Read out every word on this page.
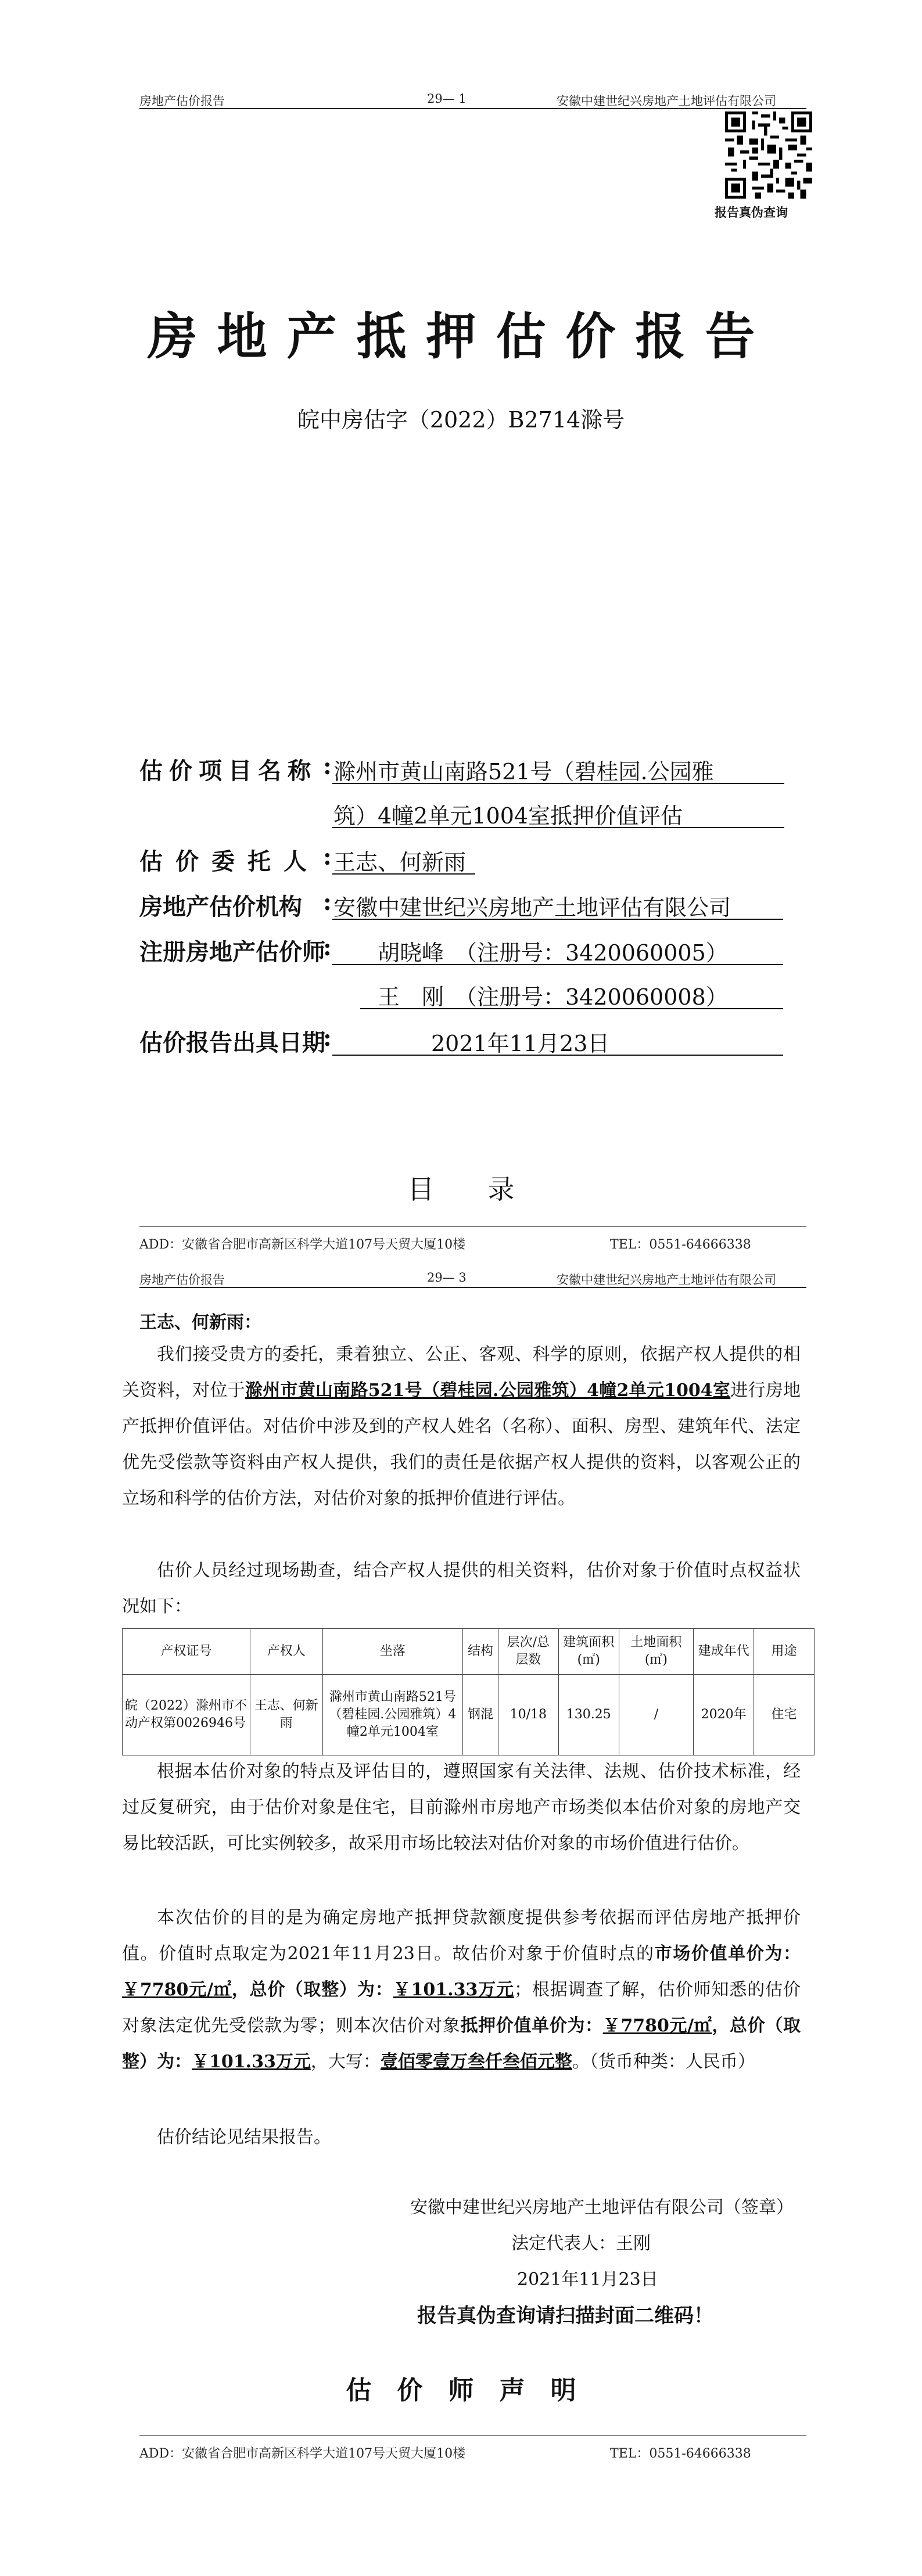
房地产估价报告	29— 1	安徽中建世纪兴房地产土地评估有限公司
报告真伪查询
房地产抵押估价报告
皖中房估字（2022）B2714滁号
估价项目名称 : 滁州市黄山南路521号（碧桂园.公园雅
筑）4幢2单元1004室抵押价值评估
估价委托人 : 王志、何新雨
房地产估价机构 : 安徽中建世纪兴房地产土地评估有限公司
注册房地产估价师
: 胡晓峰　（注册号：3420060005）
王　刚　（注册号：3420060008）
估价报告出具日期
:	2021年11月23日
目　　录
ADD：安徽省合肥市高新区科学大道107号天贸大厦10楼	TEL：0551-64666338
房地产估价报告	29— 3	安徽中建世纪兴房地产土地评估有限公司
王志、何新雨：

我们接受贵方的委托，秉着独立、公正、客观、科学的原则，依据产权人提供的相关资料，对位于滁州市黄山南路521号（碧桂园.公园雅筑）4幢2单元1004室进行房地产抵押价值评估。对估价中涉及到的产权人姓名（名称）、面积、房型、建筑年代、法定优先受偿款等资料由产权人提供，我们的责任是依据产权人提供的资料，以客观公正的立场和科学的估价方法，对估价对象的抵押价值进行评估。

估价人员经过现场勘查，结合产权人提供的相关资料，估价对象于价值时点权益状况如下：

产权证号	产权人	坐落	结构	层次/总层数	建筑面积(㎡)	土地面积(㎡)	建成年代	用途
皖（2022）滁州市不动产权第0026946号	王志、何新雨	滁州市黄山南路521号（碧桂园.公园雅筑）4幢2单元1004室	钢混	10/18	130.25	/	2020年	住宅

根据本估价对象的特点及评估目的，遵照国家有关法律、法规、估价技术标准，经过反复研究，由于估价对象是住宅，目前滁州市房地产市场类似本估价对象的房地产交易比较活跃，可比实例较多，故采用市场比较法对估价对象的市场价值进行估价。

本次估价的目的是为确定房地产抵押贷款额度提供参考依据而评估房地产抵押价值。价值时点取定为2021年11月23日。故估价对象于价值时点的市场价值单价为：￥7780元/㎡，总价（取整）为：￥101.33万元；根据调查了解，估价师知悉的估价对象法定优先受偿款为零；则本次估价对象抵押价值单价为：￥7780元/㎡，总价（取整）为：￥101.33万元，大写：壹佰零壹万叁仟叁佰元整。（货币种类：人民币）

估价结论见结果报告。

安徽中建世纪兴房地产土地评估有限公司（签章）
法定代表人：王刚
2021年11月23日
报告真伪查询请扫描封面二维码！
估　价　师　声　明
ADD：安徽省合肥市高新区科学大道107号天贸大厦10楼	TEL：0551-64666338
